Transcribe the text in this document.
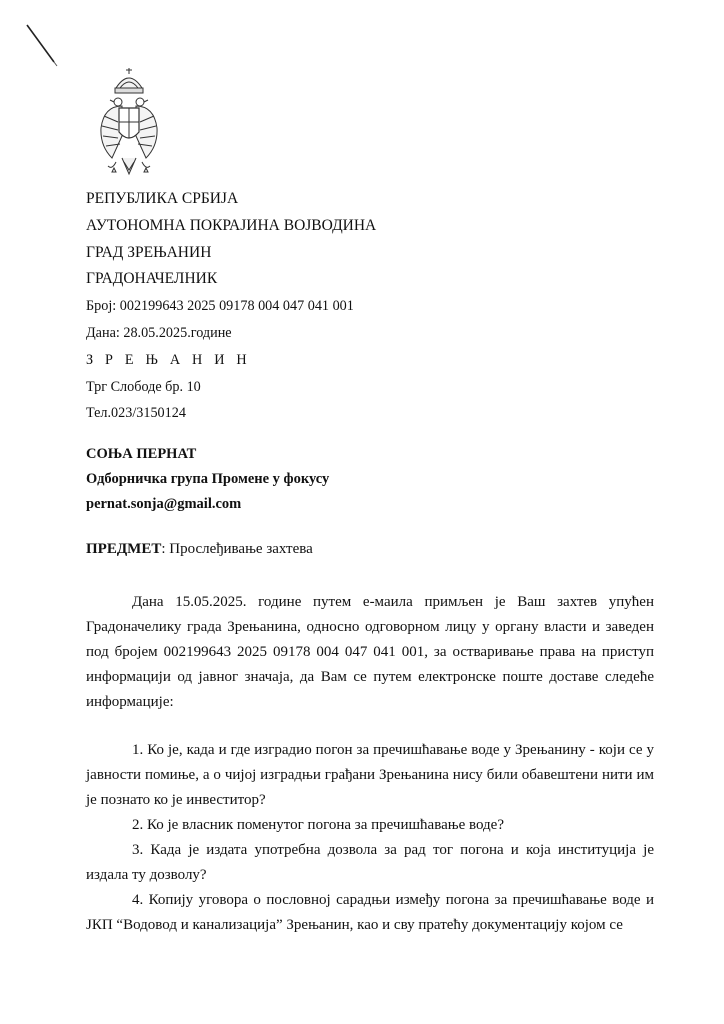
РЕПУБЛИКА СРБИЈА
АУТОНОМНА ПОКРАЈИНА ВОЈВОДИНА
ГРАД ЗРЕЊАНИН
ГРАДОНАЧЕЛНИК
Број: 002199643 2025 09178 004 047 041 001
Дана: 28.05.2025.године
З Р Е Њ А Н И Н
Трг Слободе бр. 10
Тел.023/3150124
СОЊА ПЕРНАТ
Одборничка група Промене у фокусу
pernat.sonja@gmail.com
ПРЕДМЕТ: Прослеђивање захтева

Дана 15.05.2025. године путем е-маила примљен је Ваш захтев упућен Градоначелику града Зрењанина, односно одговорном лицу у органу власти и заведен под бројем 002199643 2025 09178 004 047 041 001, за остваривање права на приступ информацији од јавног значаја, да Вам се путем електронске поште доставе следеће информације:

1. Ко је, када и где изградио погон за пречишћавање воде у Зрењанину - који се у јавности помиње, а о чијој изградњи грађани Зрењанина нису били обавештени нити им је познато ко је инвеститор?

2. Ко је власник поменутог погона за пречишћавање воде?

3. Када је издата употребна дозвола за рад тог погона и која институција је издала ту дозволу?

4. Копију уговора о пословној сарадњи између погона за пречишћавање воде и ЈКП “Водовод и канализација” Зрењанин, као и сву пратећу документацију којом се
